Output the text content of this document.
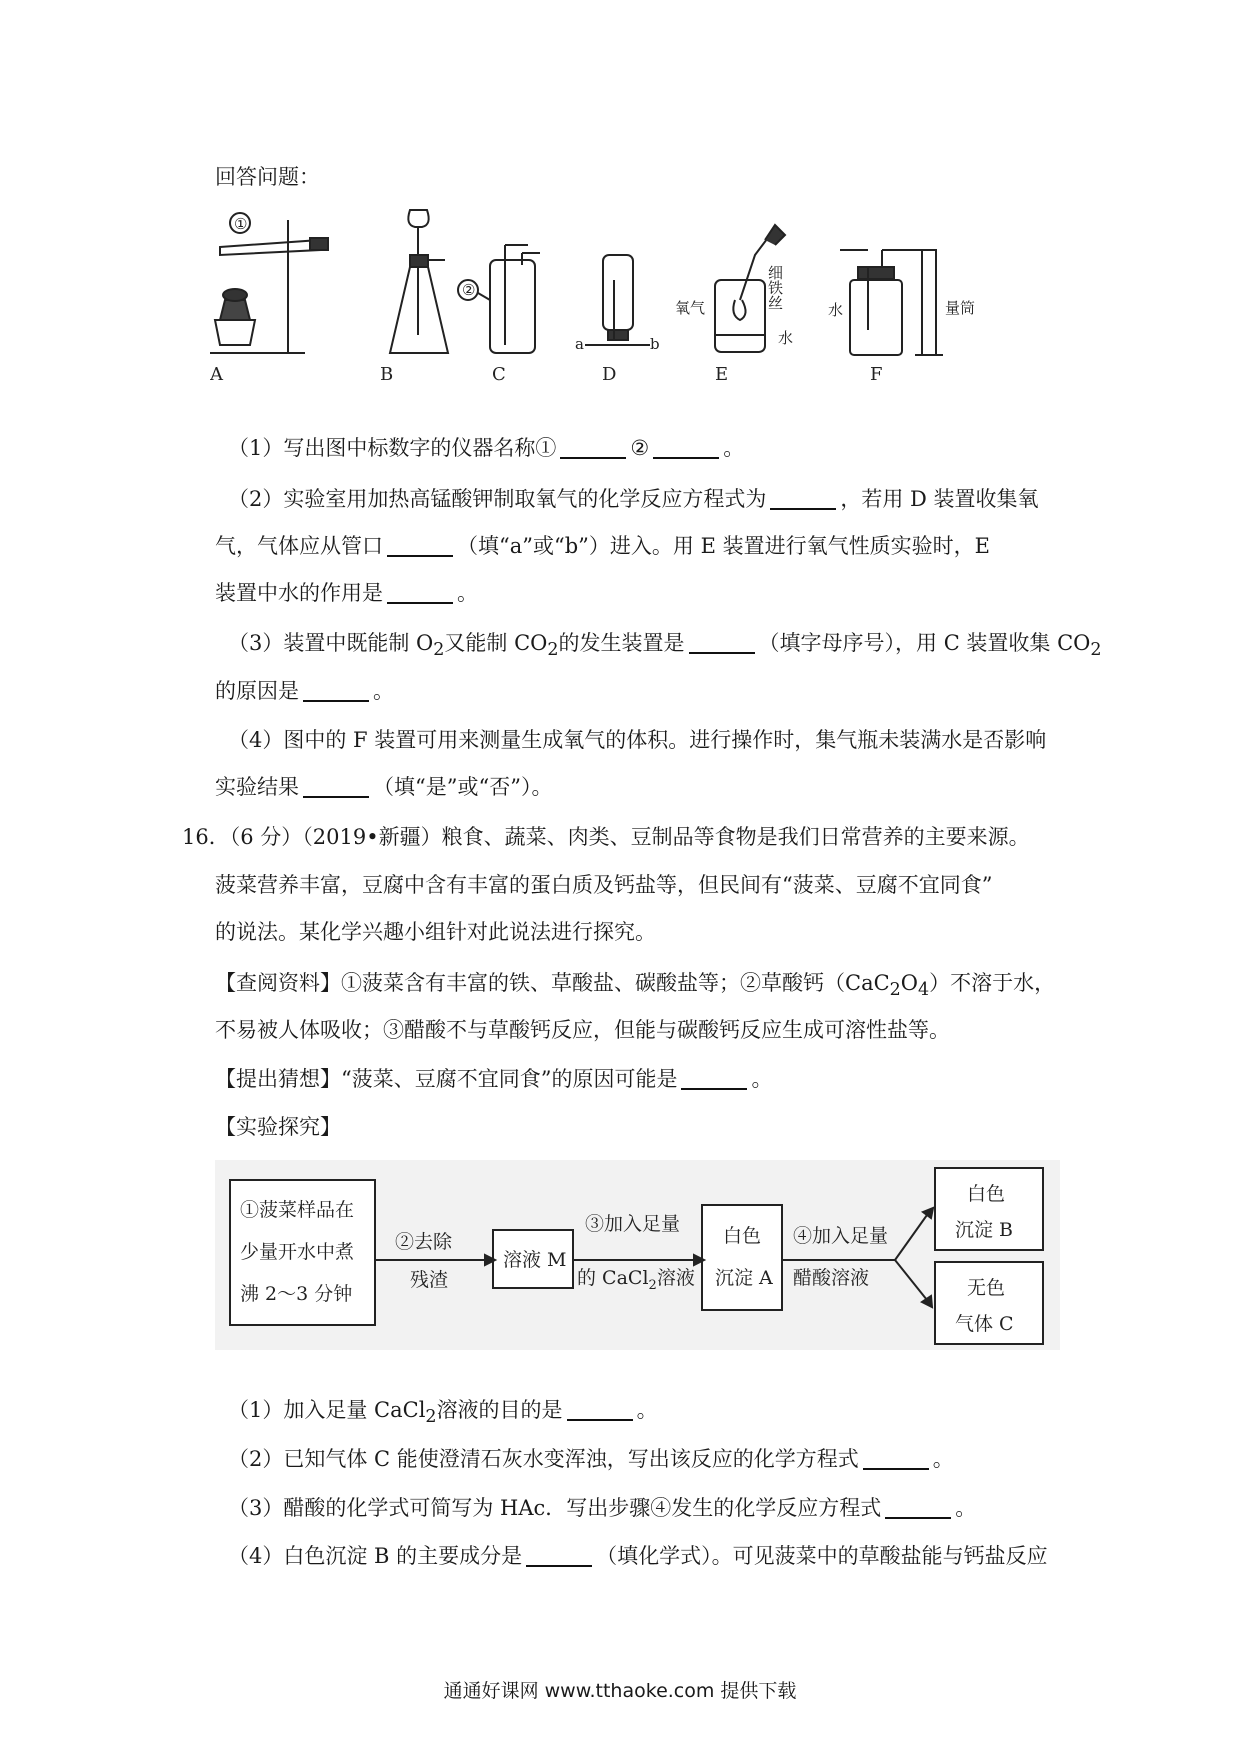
回答问题：
A	B	C	D	E	F
①
②
a	b
氧气	细铁丝
水
水	量筒
（1）写出图中标数字的仪器名称①	②	。
（2）实验室用加热高锰酸钾制取氧气的化学反应方程式为	，若用 D 装置收集氧
气，气体应从管口	（填“a”或“b”）进入。用 E 装置进行氧气性质实验时，E
装置中水的作用是	。
（3）装置中既能制 $O_2$又能制 $CO_2$的发生装置是	（填字母序号），用 C 装置收集 $CO_2$
的原因是	。
（4）图中的 F 装置可用来测量生成氧气的体积。进行操作时，集气瓶未装满水是否影响
实验结果	（填“是”或“否”）。
16．（6 分）（2019•新疆）粮食、蔬菜、肉类、豆制品等食物是我们日常营养的主要来源。
菠菜营养丰富，豆腐中含有丰富的蛋白质及钙盐等，但民间有“菠菜、豆腐不宜同食”
的说法。某化学兴趣小组针对此说法进行探究。
【查阅资料】①菠菜含有丰富的铁、草酸盐、碳酸盐等；②草酸钙$(CaC_2O_4)$不溶于水，
不易被人体吸收；③醋酸不与草酸钙反应，但能与碳酸钙反应生成可溶性盐等。
【提出猜想】“菠菜、豆腐不宜同食”的原因可能是	。
【实验探究】
①菠菜样品在
少量开水中煮
沸 2～3 分钟
②去除
残渣
溶液 M
③加入足量
的 CaCl$_2$溶液
白色
沉淀 A
④加入足量
醋酸溶液
白色
沉淀 B
无色
气体 C
（1）加入足量 CaCl$_2$溶液的目的是	。
（2）已知气体 C 能使澄清石灰水变浑浊，写出该反应的化学方程式	。
（3）醋酸的化学式可简写为 HAc．写出步骤④发生的化学反应方程式	。
（4）白色沉淀 B 的主要成分是	（填化学式）。可见菠菜中的草酸盐能与钙盐反应
通通好课网 www.tthaoke.com 提供下载
